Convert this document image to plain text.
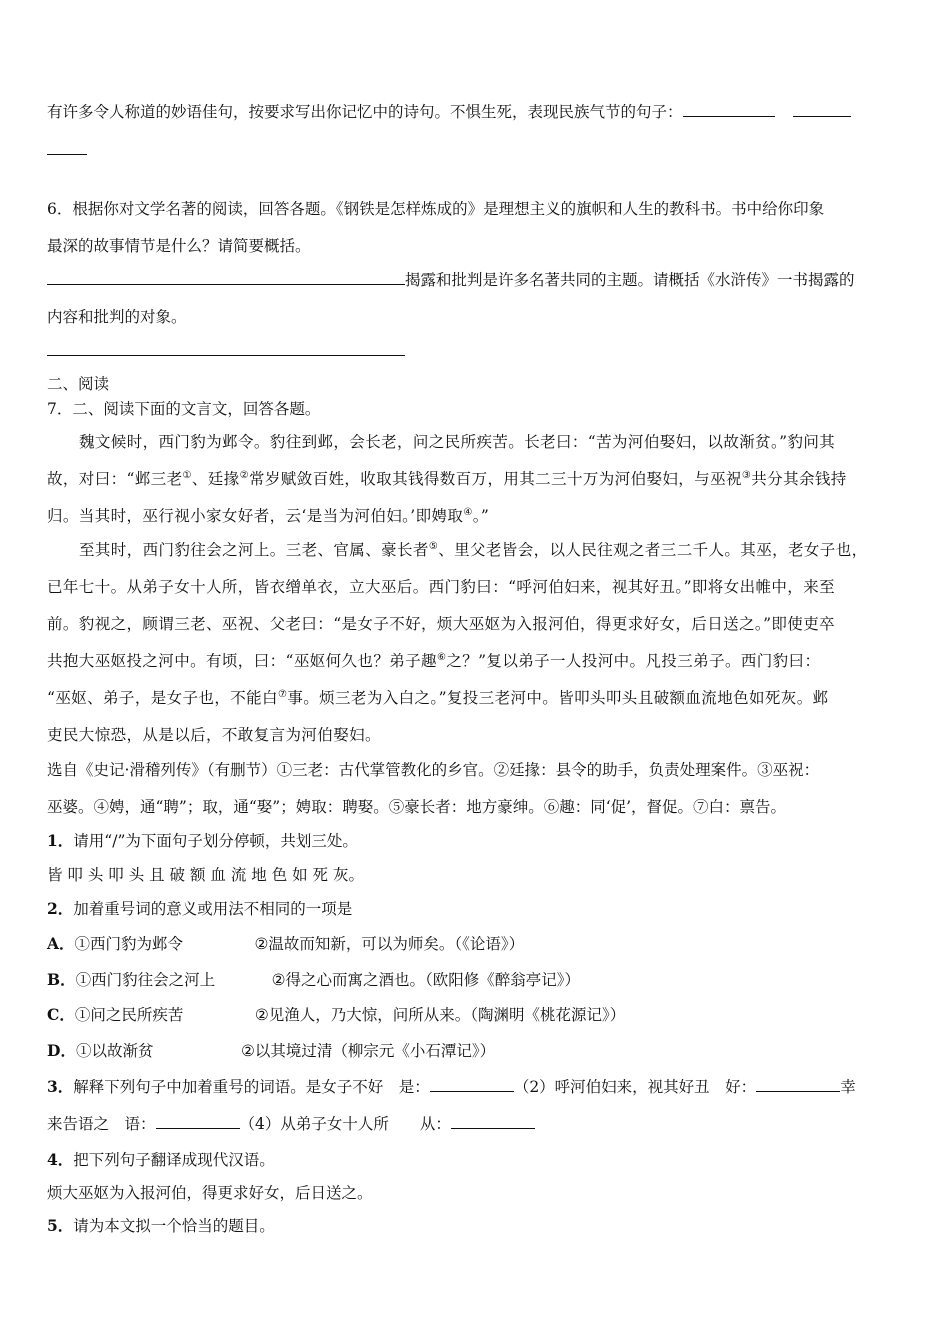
有许多令人称道的妙语佳句，按要求写出你记忆中的诗句。不惧生死，表现民族气节的句子：
6．根据你对文学名著的阅读，回答各题。《钢铁是怎样炼成的》是理想主义的旗帜和人生的教科书。书中给你印象
最深的故事情节是什么？请简要概括。
揭露和批判是许多名著共同的主题。请概括《水浒传》一书揭露的
内容和批判的对象。
二、阅读
7．二、阅读下面的文言文，回答各题。
魏文候时，西门豹为邺令。豹往到邺，会长老，问之民所疾苦。长老曰：“苦为河伯娶妇，以故渐贫。”豹问其
故，对曰：“邺三老①、廷掾②常岁赋敛百姓，收取其钱得数百万，用其二三十万为河伯娶妇，与巫祝③共分其余钱持
归。当其时，巫行视小家女好者，云‘是当为河伯妇。’即娉取④。”
至其时，西门豹往会之河上。三老、官属、豪长者⑤、里父老皆会，以人民往观之者三二千人。其巫，老女子也，
已年七十。从弟子女十人所，皆衣缯单衣，立大巫后。西门豹曰：“呼河伯妇来，视其好丑。”即将女出帷中，来至
前。豹视之，顾谓三老、巫祝、父老曰：“是女子不好，烦大巫妪为入报河伯，得更求好女，后日送之。”即使吏卒
共抱大巫妪投之河中。有顷，曰：“巫妪何久也？弟子趣⑥之？”复以弟子一人投河中。凡投三弟子。西门豹曰：
“巫妪、弟子，是女子也，不能白⑦事。烦三老为入白之。”复投三老河中。皆叩头叩头且破额血流地色如死灰。邺
吏民大惊恐，从是以后，不敢复言为河伯娶妇。
选自《史记·滑稽列传》（有删节）①三老：古代掌管教化的乡官。②廷掾：县令的助手，负责处理案件。③巫祝：
巫婆。④娉，通“聘”；取，通“娶”；娉取：聘娶。⑤豪长者：地方豪绅。⑥趣：同‘促’，督促。⑦白：禀告。
1．请用“/”为下面句子划分停顿，共划三处。
皆 叩 头 叩 头 且 破 额 血 流 地 色 如 死 灰。
2．加着重号词的意义或用法不相同的一项是
A．①西门豹为邺令	②温故而知新，可以为师矣。（《论语》）
B．①西门豹往会之河上	②得之心而寓之酒也。（欧阳修《醉翁亭记》）
C．①问之民所疾苦	②见渔人，乃大惊，问所从来。（陶渊明《桃花源记》）
D．①以故渐贫	②以其境过清（柳宗元《小石潭记》）
3．解释下列句子中加着重号的词语。是女子不好　是：	（2）呼河伯妇来，视其好丑　好：	幸
来告语之　语：	（4）从弟子女十人所　　从：
4．把下列句子翻译成现代汉语。
烦大巫妪为入报河伯，得更求好女，后日送之。
5．请为本文拟一个恰当的题目。
